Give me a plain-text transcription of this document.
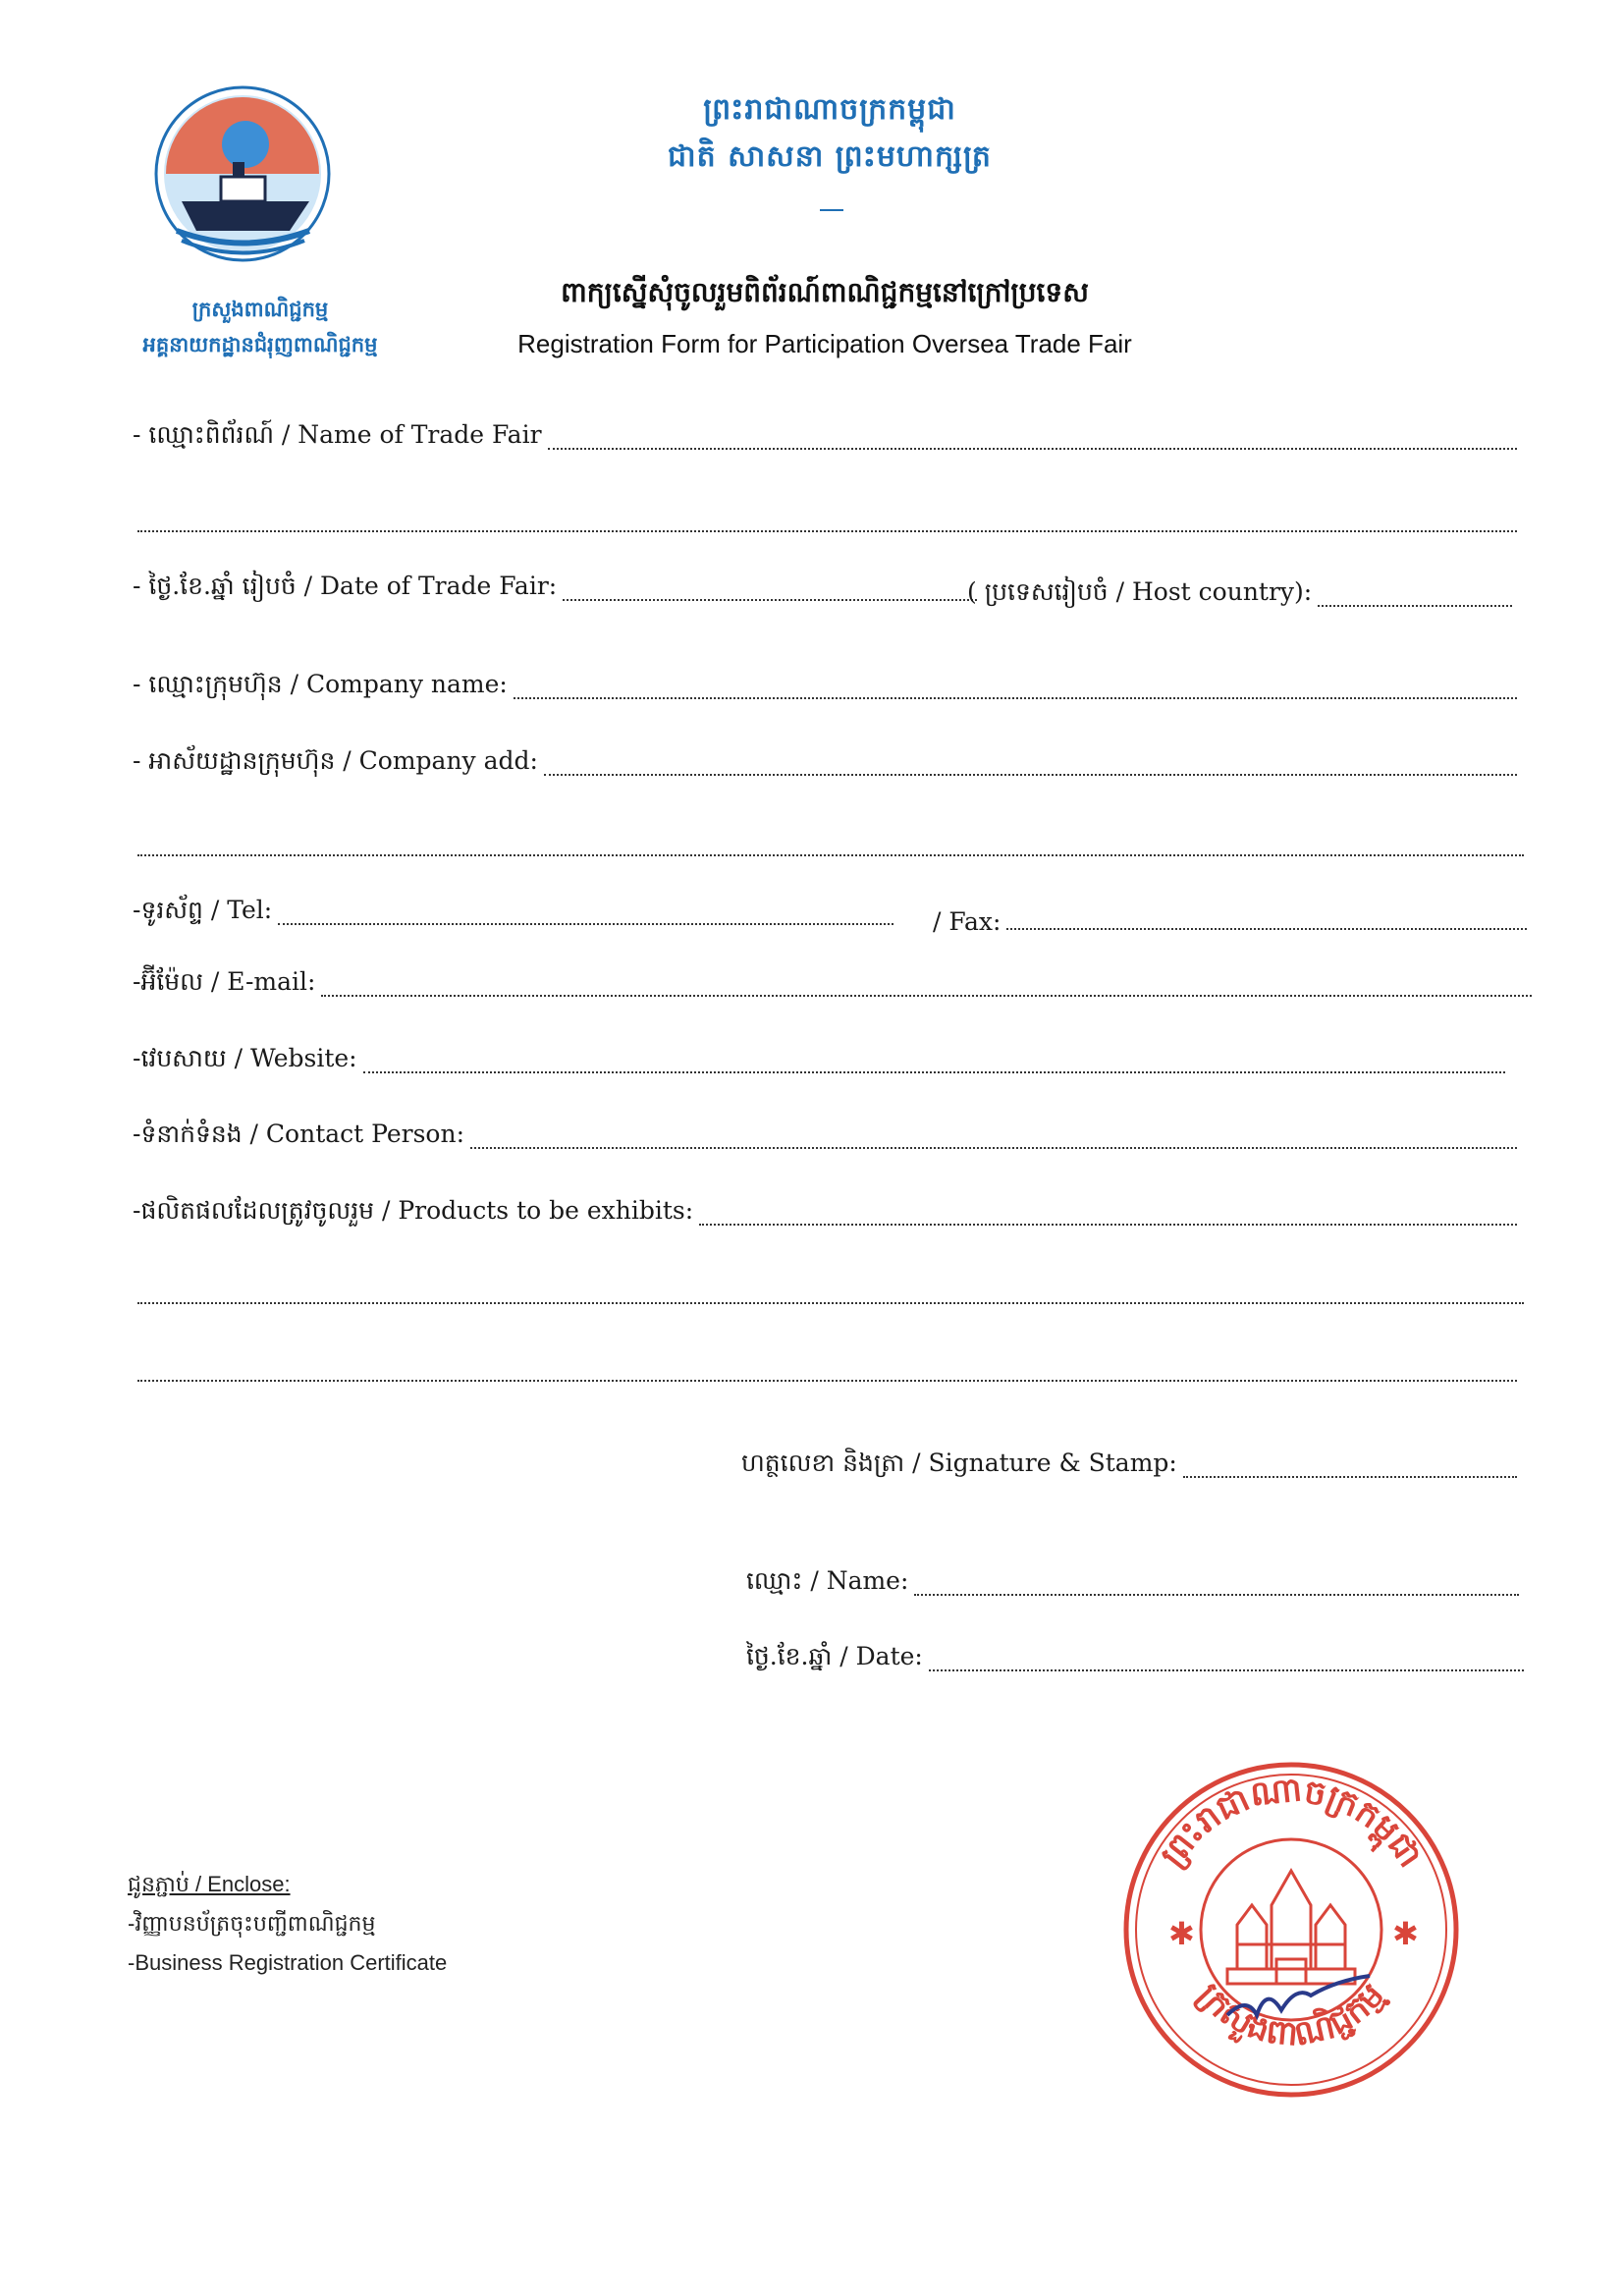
ព្រះរាជាណាចក្រកម្ពុជា
ជាតិ សាសនា ព្រះមហាក្សត្រ
ក្រសួងពាណិជ្ជកម្ម
អគ្គនាយកដ្ឋានជំរុញពាណិជ្ជកម្ម
ពាក្យស្នើសុំចូលរួមពិព័រណ៍ពាណិជ្ជកម្មនៅក្រៅប្រទេស
Registration Form for Participation Oversea Trade Fair
- ឈ្មោះពិព័រណ៍ / Name of Trade Fair
- ថ្ងៃ.ខែ.ឆ្នាំ រៀបចំ / Date of Trade Fair:	( ប្រទេសរៀបចំ / Host country):
- ឈ្មោះក្រុមហ៊ុន / Company name:
- អាស័យដ្ឋានក្រុមហ៊ុន / Company add:
-ទូរស័ព្ទ / Tel:	/ Fax:
-អ៊ីម៉ែល / E-mail:
-វេបសាយ / Website:
-ទំនាក់ទំនង / Contact Person:
-ផលិតផលដែលត្រូវចូលរួម / Products to be exhibits:
ហត្ថលេខា និងត្រា / Signature & Stamp:
ឈ្មោះ / Name:
ថ្ងៃ.ខែ.ឆ្នាំ / Date:
ជូនភ្ជាប់ / Enclose:
-វិញ្ញាបនប័ត្រចុះបញ្ជីពាណិជ្ជកម្ម
-Business Registration Certificate
ព្រះរាជាណាចក្រកម្ពុជា
ក្រសួងពាណិជ្ជកម្ម
✱	✱
